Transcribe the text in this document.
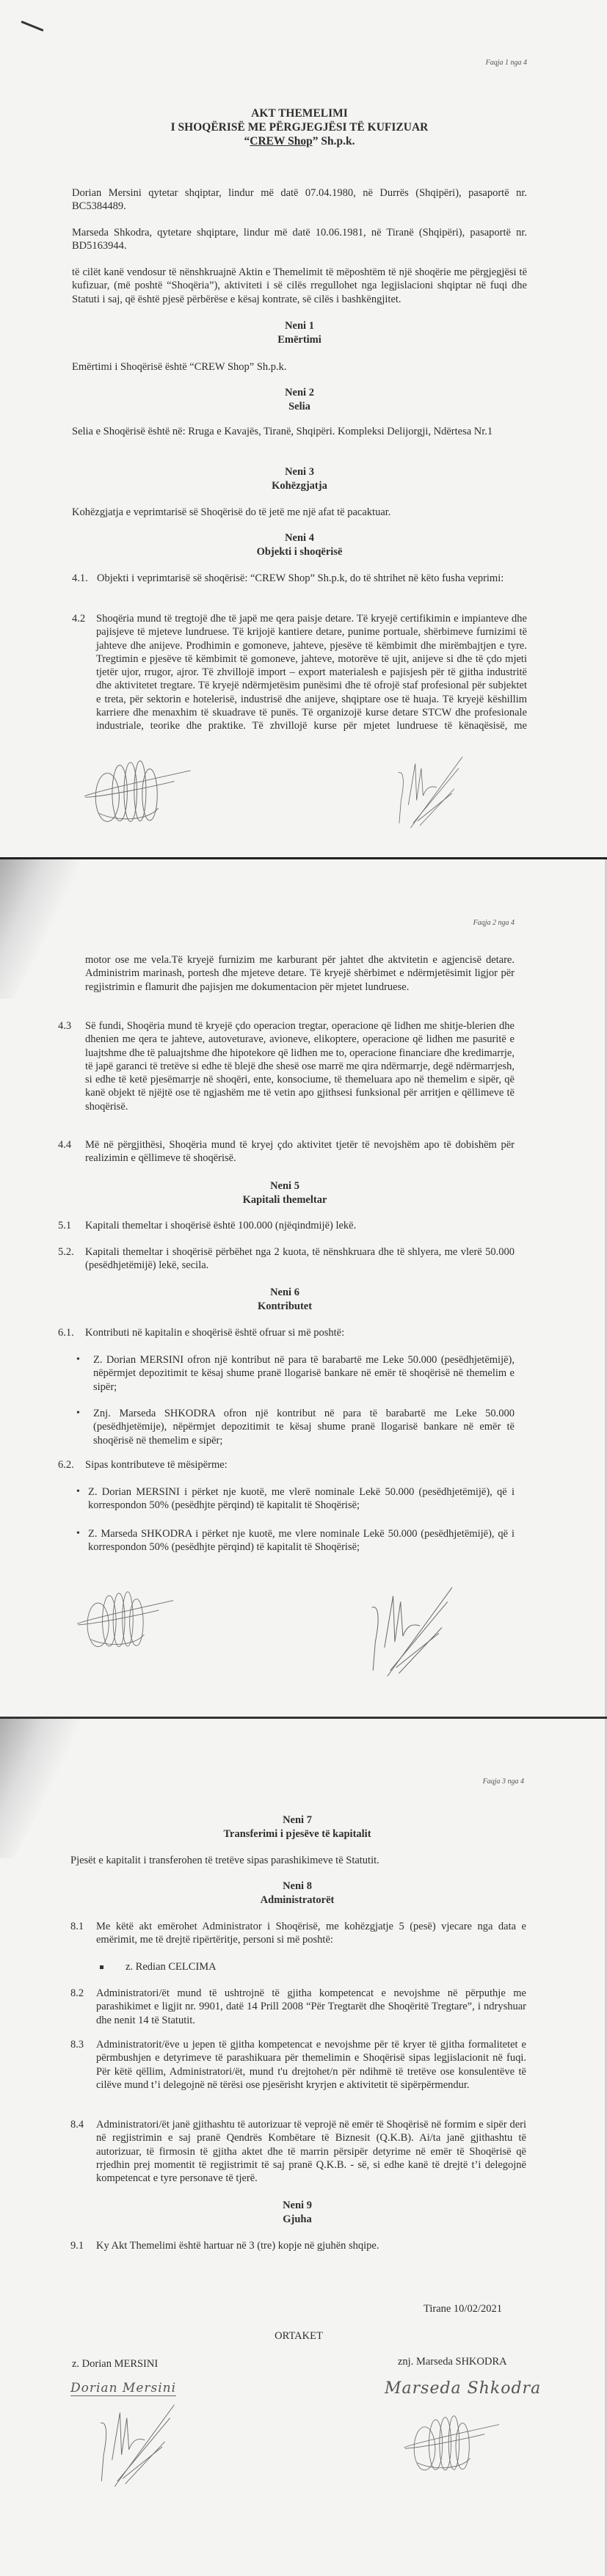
Faqja 1 nga 4
AKT THEMELIMI
I SHOQËRISË ME PËRGJEGJËSI TË KUFIZUAR
“CREW Shop” Sh.p.k.
Dorian Mersini qytetar shqiptar, lindur më datë 07.04.1980, në Durrës (Shqipëri), pasaportë nr. BC5384489.
Marseda Shkodra, qytetare shqiptare, lindur më datë 10.06.1981, në Tiranë (Shqipëri), pasaportë nr. BD5163944.
të cilët kanë vendosur të nënshkruajnë Aktin e Themelimit të mëposhtëm të një shoqërie me përgjegjësi të kufizuar, (më poshtë “Shoqëria”), aktiviteti i së cilës rregullohet nga legjislacioni shqiptar në fuqi dhe Statuti i saj, që është pjesë përbërëse e kësaj kontrate, së cilës i bashkëngjitet.
Neni 1
Emërtimi
Emërtimi i Shoqërisë është “CREW Shop” Sh.p.k.
Neni 2
Selia
Selia e Shoqërisë është në: Rruga e Kavajës, Tiranë, Shqipëri. Kompleksi Delijorgji, Ndërtesa Nr.1
Neni 3
Kohëzgjatja
Kohëzgjatja e veprimtarisë së Shoqërisë do të jetë me një afat të pacaktuar.
Neni 4
Objekti i shoqërisë
4.1. Objekti i veprimtarisë së shoqërisë: “CREW Shop” Sh.p.k, do të shtrihet në këto fusha veprimi:
4.2 Shoqëria mund të tregtojë dhe të japë me qera paisje detare. Të kryejë certifikimin e impianteve dhe pajisjeve të mjeteve lundruese. Të krijojë kantiere detare, punime portuale, shërbimeve furnizimi të jahteve dhe anijeve. Prodhimin e gomoneve, jahteve, pjesëve të këmbimit dhe mirëmbajtjen e tyre. Tregtimin e pjesëve të këmbimit të gomoneve, jahteve, motorëve të ujit, anijeve si dhe të çdo mjeti tjetër ujor, rrugor, ajror. Të zhvillojë import – export materialesh e pajisjesh për të gjitha industritë dhe aktivitetet tregtare. Të kryejë ndërmjetësim punësimi dhe të ofrojë staf profesional për subjektet e treta, për sektorin e hotelerisë, industrisë dhe anijeve, shqiptare ose të huaja. Të kryejë këshillim karriere dhe menaxhim të skuadrave të punës. Të organizojë kurse detare STCW dhe profesionale industriale, teorike dhe praktike. Të zhvillojë kurse për mjetet lundruese të kënaqësisë, me
Faqja 2 nga 4
motor ose me vela.Të kryejë furnizim me karburant për jahtet dhe aktvitetin e agjencisë detare. Administrim marinash, portesh dhe mjeteve detare. Të kryejë shërbimet e ndërmjetësimit ligjor për regjistrimin e flamurit dhe pajisjen me dokumentacion për mjetet lundruese.
4.3 Së fundi, Shoqëria mund të kryejë çdo operacion tregtar, operacione që lidhen me shitje-blerien dhe dhenien me qera te jahteve, autoveturave, avioneve, elikoptere, operacione që lidhen me pasuritë e luajtshme dhe të paluajtshme dhe hipotekore që lidhen me to, operacione financiare dhe kredimarrje, të japë garanci të tretëve si edhe të blejë dhe shesë ose marrë me qira ndërmarrje, degë ndërmarrjesh, si edhe të ketë pjesëmarrje në shoqëri, ente, konsociume, të themeluara apo në themelim e sipër, që kanë objekt të njëjtë ose të ngjashëm me të vetin apo gjithsesi funksional për arritjen e qëllimeve të shoqërisë.
4.4 Më në përgjithësi, Shoqëria mund të kryej çdo aktivitet tjetër të nevojshëm apo të dobishëm për realizimin e qëllimeve të shoqërisë.
Neni 5
Kapitali themeltar
5.1 Kapitali themeltar i shoqërisë është 100.000 (njëqindmijë) lekë.
5.2. Kapitali themeltar i shoqërisë përbëhet nga 2 kuota, të nënshkruara dhe të shlyera, me vlerë 50.000 (pesëdhjetëmijë) lekë, secila.
Neni 6
Kontributet
6.1. Kontributi në kapitalin e shoqërisë është ofruar si më poshtë:
• Z. Dorian MERSINI ofron një kontribut në para të barabartë me Leke 50.000 (pesëdhjetëmijë), nëpërmjet depozitimit te kësaj shume pranë llogarisë bankare në emër të shoqërisë në themelim e sipër;
• Znj. Marseda SHKODRA ofron një kontribut në para të barabartë me Leke 50.000 (pesëdhjetëmije), nëpërmjet depozitimit te kësaj shume pranë llogarisë bankare në emër të shoqërisë në themelim e sipër;
6.2. Sipas kontributeve të mësipërme:
• Z. Dorian MERSINI i përket nje kuotë, me vlerë nominale Lekë 50.000 (pesëdhjetëmijë), që i korrespondon 50% (pesëdhjte përqind) të kapitalit të Shoqërisë;
• Z. Marseda SHKODRA i përket nje kuotë, me vlere nominale Lekë 50.000 (pesëdhjetëmijë), që i korrespondon 50% (pesëdhjte përqind) të kapitalit të Shoqërisë;
Faqja 3 nga 4
Neni 7
Transferimi i pjesëve të kapitalit
Pjesët e kapitalit i transferohen të tretëve sipas parashikimeve të Statutit.
Neni 8
Administratorët
8.1 Me këtë akt emërohet Administrator i Shoqërisë, me kohëzgjatje 5 (pesë) vjecare nga data e emërimit, me të drejtë ripërtëritje, personi si më poshtë:
z. Redian CELCIMA
8.2 Administratori/ët mund të ushtrojnë të gjitha kompetencat e nevojshme në përputhje me parashikimet e ligjit nr. 9901, datë 14 Prill 2008 “Për Tregtarët dhe Shoqëritë Tregtare”, i ndryshuar dhe nenit 14 të Statutit.
8.3 Administratorit/ëve u jepen të gjitha kompetencat e nevojshme për të kryer të gjitha formalitetet e përmbushjen e detyrimeve të parashikuara për themelimin e Shoqërisë sipas legjislacionit në fuqi. Për këtë qëllim, Administratori/ët, mund t'u drejtohet/n për ndihmë të tretëve ose konsulentëve të cilëve mund t’i delegojnë në tërësi ose pjesërisht kryrjen e aktivitetit të sipërpërmendur.
8.4 Administratori/ët janë gjithashtu të autorizuar të veprojë në emër të Shoqërisë në formim e sipër deri në regjistrimin e saj pranë Qendrës Kombëtare të Biznesit (Q.K.B). Ai/ta janë gjithashtu të autorizuar, të firmosin të gjitha aktet dhe të marrin përsipër detyrime në emër të Shoqërisë që rrjedhin prej momentit të regjistrimit të saj pranë Q.K.B. - së, si edhe kanë të drejtë t’i delegojnë kompetencat e tyre personave të tjerë.
Neni 9
Gjuha
9.1 Ky Akt Themelimi është hartuar në 3 (tre) kopje në gjuhën shqipe.
Tirane 10/02/2021
ORTAKET
z. Dorian MERSINI	znj. Marseda SHKODRA
Dorian Mersini	Marseda Shkodra
